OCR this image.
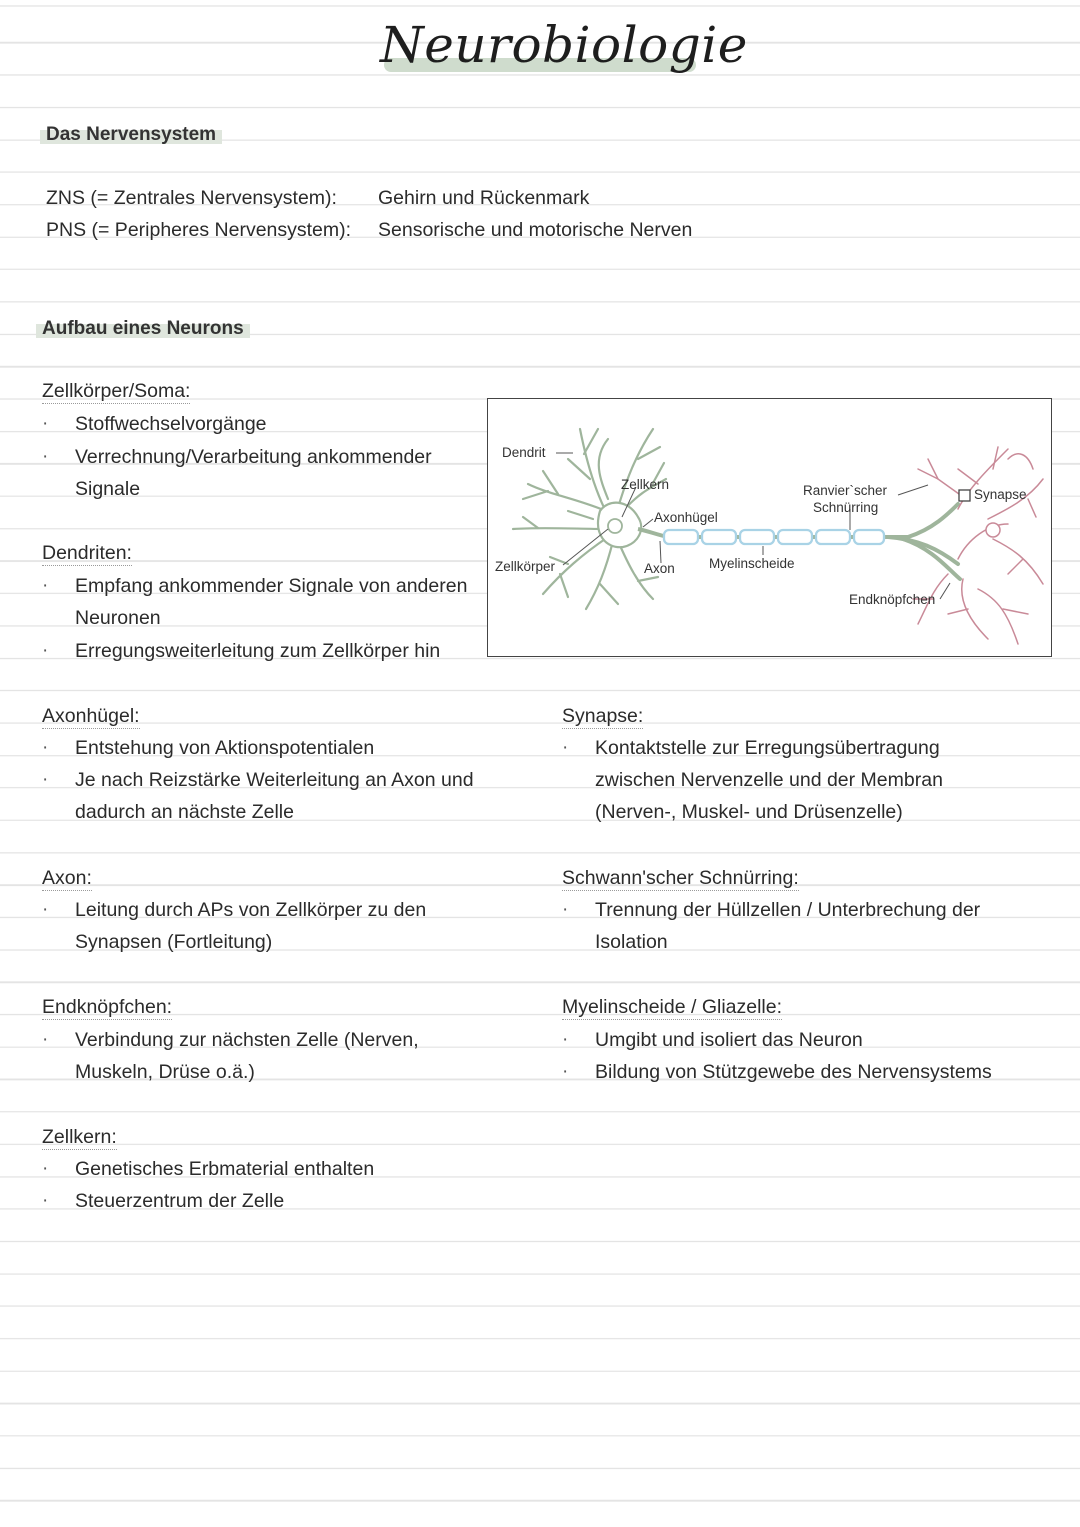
Neurobiologie
Das Nervensystem
ZNS (= Zentrales Nervensystem): Gehirn und Rückenmark
PNS (= Peripheres Nervensystem): Sensorische und motorische Nerven
Aufbau eines Neurons
Zellkörper/Soma:
· Stoffwechselvorgänge
· Verrechnung/Verarbeitung ankommender
Signale
Dendriten:
· Empfang ankommender Signale von anderen
Neuronen
· Erregungsweiterleitung zum Zellkörper hin
Dendrit
Zellkern
Axonhügel
Zellkörper	Axon	Myelinscheide
Ranvier`scher
Schnürring
Synapse
Endknöpfchen
Axonhügel:
· Entstehung von Aktionspotentialen
· Je nach Reizstärke Weiterleitung an Axon und
dadurch an nächste Zelle
Synapse:
· Kontaktstelle zur Erregungsübertragung
zwischen Nervenzelle und der Membran
(Nerven-, Muskel- und Drüsenzelle)
Axon:
· Leitung durch APs von Zellkörper zu den
Synapsen (Fortleitung)
Schwann'scher Schnürring:
· Trennung der Hüllzellen / Unterbrechung der
Isolation
Endknöpfchen:
· Verbindung zur nächsten Zelle (Nerven,
Muskeln, Drüse o.ä.)
Myelinscheide / Gliazelle:
· Umgibt und isoliert das Neuron
· Bildung von Stützgewebe des Nervensystems
Zellkern:
· Genetisches Erbmaterial enthalten
· Steuerzentrum der Zelle
